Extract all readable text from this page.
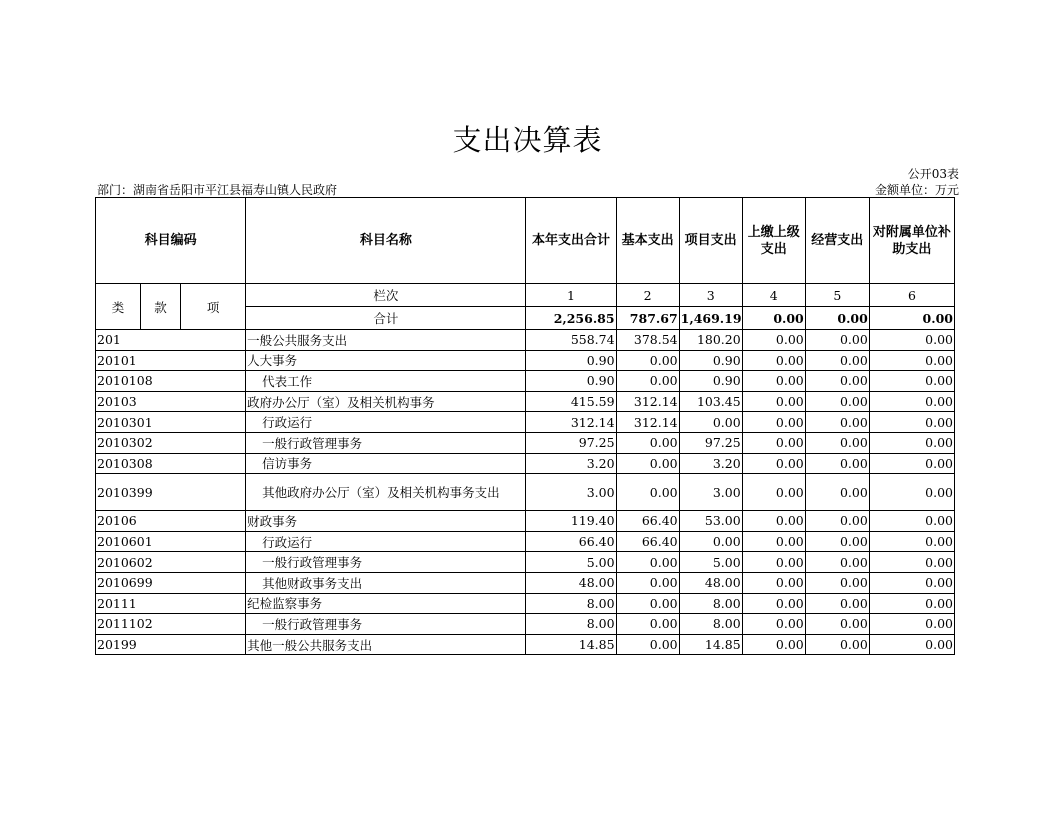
支出决算表
公开03表
部门：湖南省岳阳市平江县福寿山镇人民政府	金额单位：万元
科目编码			科目名称	本年支出合计	基本支出	项目支出	上缴上级支出	经营支出	对附属单位补助支出
类	款	项	栏次	1	2	3	4	5	6
			合计	2,256.85	787.67	1,469.19	0.00	0.00	0.00
201			一般公共服务支出	558.74	378.54	180.20	0.00	0.00	0.00
20101			人大事务	0.90	0.00	0.90	0.00	0.00	0.00
2010108			代表工作	0.90	0.00	0.90	0.00	0.00	0.00
20103			政府办公厅（室）及相关机构事务	415.59	312.14	103.45	0.00	0.00	0.00
2010301			行政运行	312.14	312.14	0.00	0.00	0.00	0.00
2010302			一般行政管理事务	97.25	0.00	97.25	0.00	0.00	0.00
2010308			信访事务	3.20	0.00	3.20	0.00	0.00	0.00
2010399			其他政府办公厅（室）及相关机构事务支出	3.00	0.00	3.00	0.00	0.00	0.00
20106			财政事务	119.40	66.40	53.00	0.00	0.00	0.00
2010601			行政运行	66.40	66.40	0.00	0.00	0.00	0.00
2010602			一般行政管理事务	5.00	0.00	5.00	0.00	0.00	0.00
2010699			其他财政事务支出	48.00	0.00	48.00	0.00	0.00	0.00
20111			纪检监察事务	8.00	0.00	8.00	0.00	0.00	0.00
2011102			一般行政管理事务	8.00	0.00	8.00	0.00	0.00	0.00
20199			其他一般公共服务支出	14.85	0.00	14.85	0.00	0.00	0.00
